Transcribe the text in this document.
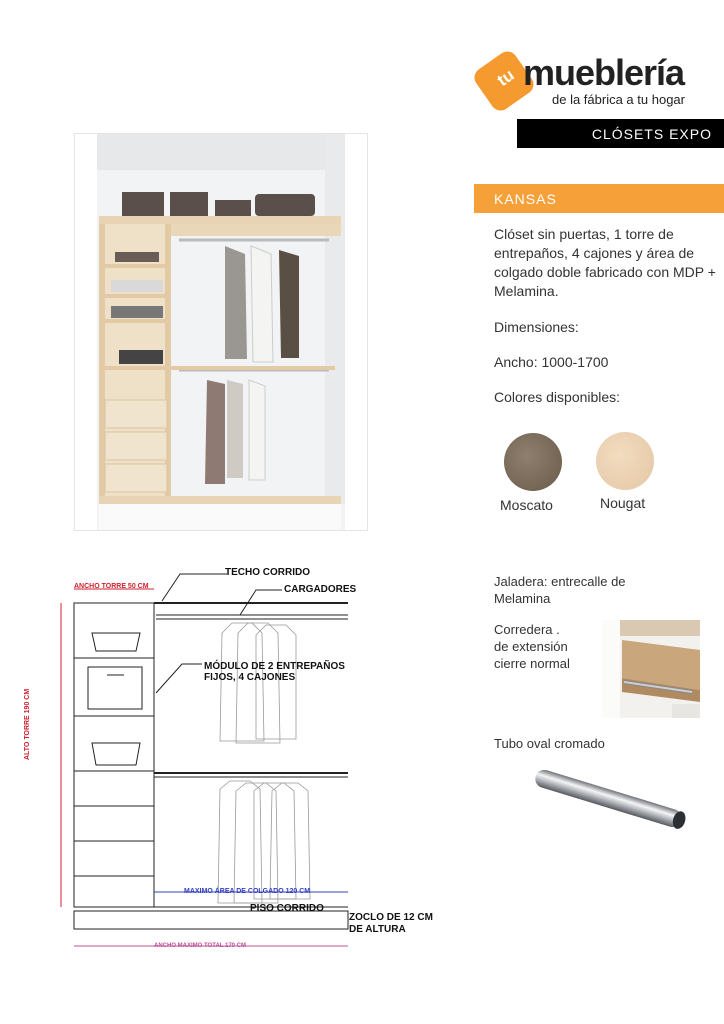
tu mueblería
de la fábrica a tu hogar
CLÓSETS EXPO
KANSAS
Clóset sin puertas, 1 torre de entrepaños, 4 cajones y área de colgado doble fabricado con MDP + Melamina.
Dimensiones:
Ancho: 1000-1700
Colores disponibles:
Moscato	Nougat
Jaladera: entrecalle de Melamina
Corredera .
de extensión
cierre normal
Tubo oval cromado
TECHO CORRIDO
CARGADORES
ANCHO TORRE 50 CM
MÓDULO DE 2 ENTREPAÑOS FIJOS, 4 CAJONES
ALTO TORRE 190 CM
MAXIMO ÁREA DE COLGADO 120 CM
PISO CORRIDO
ZOCLO DE 12 CM DE ALTURA
ANCHO MAXIMO TOTAL 170 CM
